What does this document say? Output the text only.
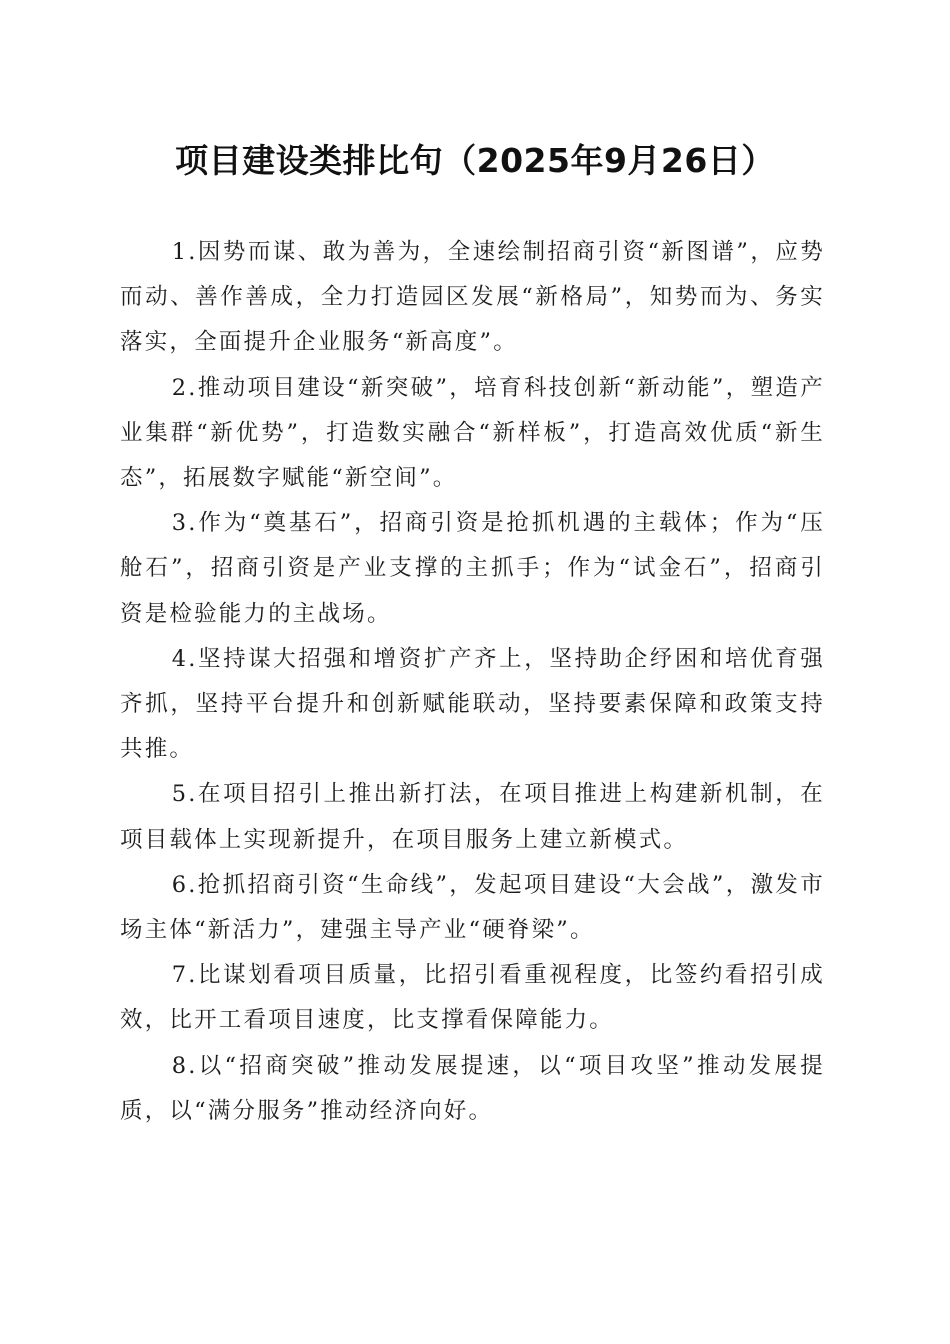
项目建设类排比句（2025年9月26日）

1.因势而谋、敢为善为，全速绘制招商引资“新图谱”，应势而动、善作善成，全力打造园区发展“新格局”，知势而为、务实落实，全面提升企业服务“新高度”。

2.推动项目建设“新突破”，培育科技创新“新动能”，塑造产业集群“新优势”，打造数实融合“新样板”，打造高效优质“新生态”，拓展数字赋能“新空间”。

3.作为“奠基石”，招商引资是抢抓机遇的主载体；作为“压舱石”，招商引资是产业支撑的主抓手；作为“试金石”，招商引资是检验能力的主战场。

4.坚持谋大招强和增资扩产齐上，坚持助企纾困和培优育强齐抓，坚持平台提升和创新赋能联动，坚持要素保障和政策支持共推。

5.在项目招引上推出新打法，在项目推进上构建新机制，在项目载体上实现新提升，在项目服务上建立新模式。

6.抢抓招商引资“生命线”，发起项目建设“大会战”，激发市场主体“新活力”，建强主导产业“硬脊梁”。

7.比谋划看项目质量，比招引看重视程度，比签约看招引成效，比开工看项目速度，比支撑看保障能力。

8.以“招商突破”推动发展提速，以“项目攻坚”推动发展提质，以“满分服务”推动经济向好。
